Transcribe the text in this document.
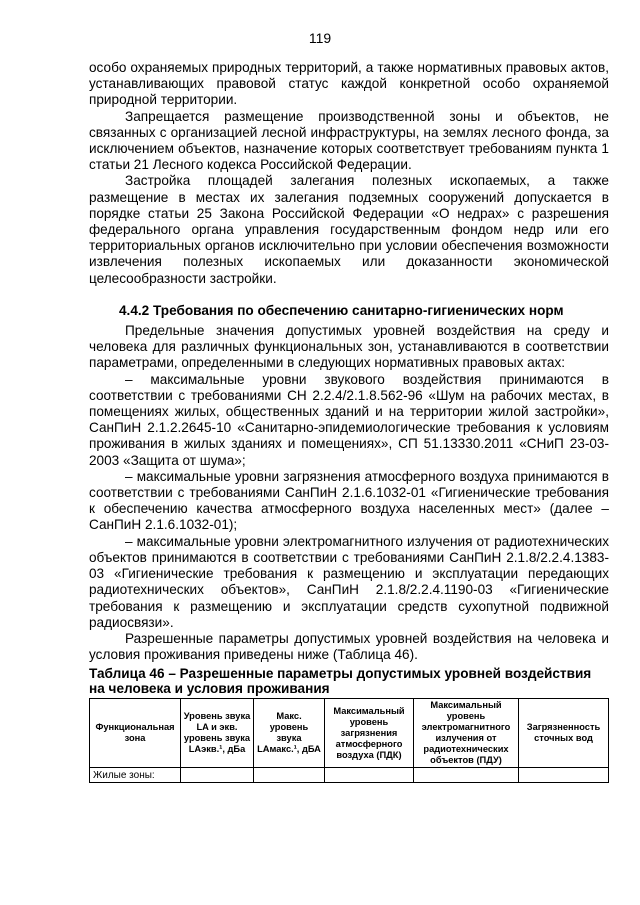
119

особо охраняемых природных территорий, а также нормативных правовых актов, устанавливающих правовой статус каждой конкретной особо охраняемой природной территории.

Запрещается размещение производственной зоны и объектов, не связанных с организацией лесной инфраструктуры, на землях лесного фонда, за исключением объектов, назначение которых соответствует требованиям пункта 1 статьи 21 Лесного кодекса Российской Федерации.

Застройка площадей залегания полезных ископаемых, а также размещение в местах их залегания подземных сооружений допускается в порядке статьи 25 Закона Российской Федерации «О недрах» с разрешения федерального органа управления государственным фондом недр или его территориальных органов исключительно при условии обеспечения возможности извлечения полезных ископаемых или доказанности экономической целесообразности застройки.

4.4.2 Требования по обеспечению санитарно-гигиенических норм

Предельные значения допустимых уровней воздействия на среду и человека для различных функциональных зон, устанавливаются в соответствии параметрами, определенными в следующих нормативных правовых актах:

– максимальные уровни звукового воздействия принимаются в соответствии с требованиями СН 2.2.4/2.1.8.562-96 «Шум на рабочих местах, в помещениях жилых, общественных зданий и на территории жилой застройки», СанПиН 2.1.2.2645-10 «Санитарно-эпидемиологические требования к условиям проживания в жилых зданиях и помещениях», СП 51.13330.2011 «СНиП 23-03-2003 «Защита от шума»;

– максимальные уровни загрязнения атмосферного воздуха принимаются в соответствии с требованиями СанПиН 2.1.6.1032-01 «Гигиенические требования к обеспечению качества атмосферного воздуха населенных мест» (далее – СанПиН 2.1.6.1032-01);

– максимальные уровни электромагнитного излучения от радиотехнических объектов принимаются в соответствии с требованиями СанПиН 2.1.8/2.2.4.1383-03 «Гигиенические требования к размещению и эксплуатации передающих радиотехнических объектов», СанПиН 2.1.8/2.2.4.1190-03 «Гигиенические требования к размещению и эксплуатации средств сухопутной подвижной радиосвязи».

Разрешенные параметры допустимых уровней воздействия на человека и условия проживания приведены ниже (Таблица 46).

Таблица 46 – Разрешенные параметры допустимых уровней воздействия на человека и условия проживания

Функциональная зона	Уровень звука LA и экв. уровень звука LAэкв.¹, дБа	Макс. уровень звука LAмакс.¹, дБА	Максимальный уровень загрязнения атмосферного воздуха (ПДК)	Максимальный уровень электромагнитного излучения от радиотехнических объектов (ПДУ)	Загрязненность сточных вод
Жилые зоны:					
